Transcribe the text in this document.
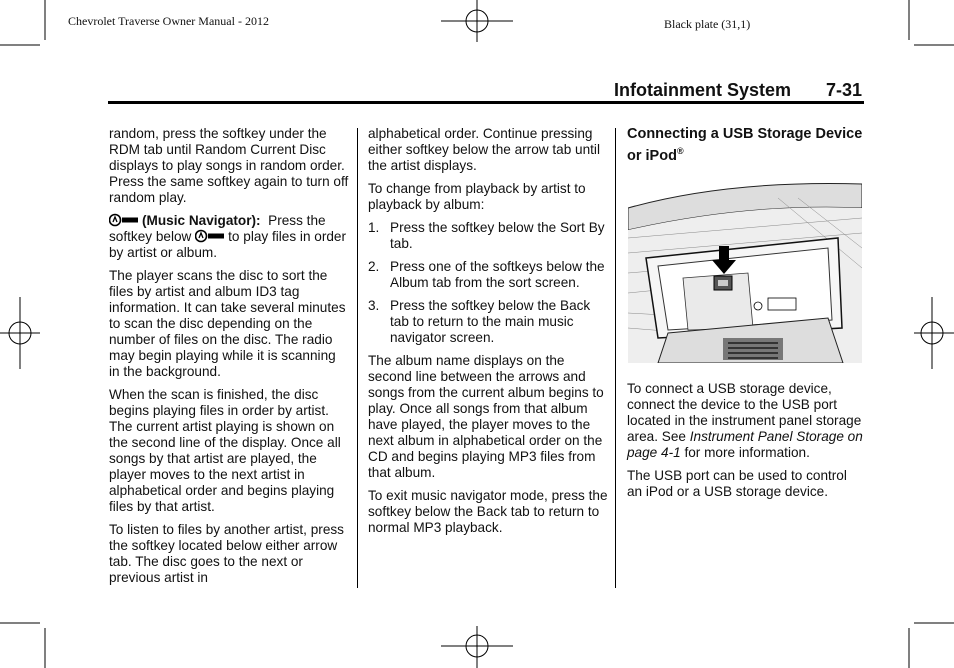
Chevrolet Traverse Owner Manual - 2012	Black plate (31,1)
Infotainment System 7-31

random, press the softkey under the RDM tab until Random Current Disc displays to play songs in random order. Press the same softkey again to turn off random play.

(Music Navigator): Press the softkey below	to play files in order by artist or album.

The player scans the disc to sort the files by artist and album ID3 tag information. It can take several minutes to scan the disc depending on the number of files on the disc. The radio may begin playing while it is scanning in the background.

When the scan is finished, the disc begins playing files in order by artist. The current artist playing is shown on the second line of the display. Once all songs by that artist are played, the player moves to the next artist in alphabetical order and begins playing files by that artist.

To listen to files by another artist, press the softkey located below either arrow tab. The disc goes to the next or previous artist in

alphabetical order. Continue pressing either softkey below the arrow tab until the artist displays.

To change from playback by artist to playback by album:

1. Press the softkey below the Sort By tab.
2. Press one of the softkeys below the Album tab from the sort screen.
3. Press the softkey below the Back tab to return to the main music navigator screen.

The album name displays on the second line between the arrows and songs from the current album begins to play. Once all songs from that album have played, the player moves to the next album in alphabetical order on the CD and begins playing MP3 files from that album.

To exit music navigator mode, press the softkey below the Back tab to return to normal MP3 playback.

Connecting a USB Storage Device or iPod®

To connect a USB storage device, connect the device to the USB port located in the instrument panel storage area. See Instrument Panel Storage on page 4-1 for more information.

The USB port can be used to control an iPod or a USB storage device.
